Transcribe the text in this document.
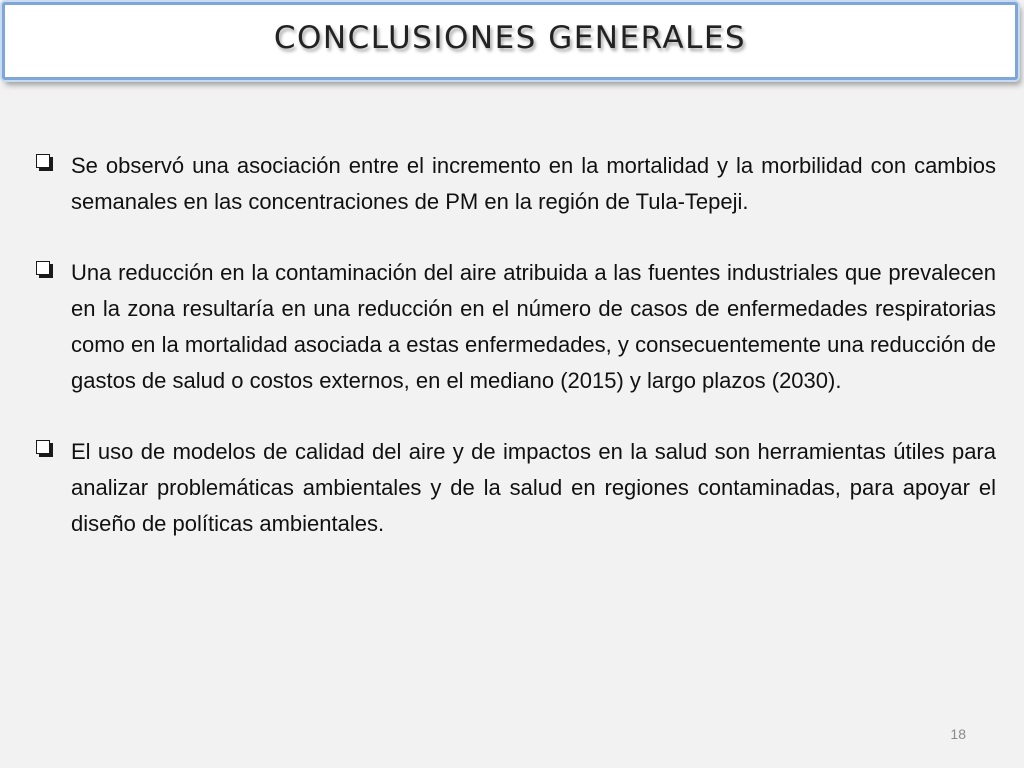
CONCLUSIONES GENERALES

Se observó una asociación entre el incremento en la mortalidad y la morbilidad con cambios semanales en las concentraciones de PM en la región de Tula-Tepeji.

Una reducción en la contaminación del aire atribuida a las fuentes industriales que prevalecen en la zona resultaría en una reducción en el número de casos de enfermedades respiratorias como en la mortalidad asociada a estas enfermedades, y consecuentemente una reducción de gastos de salud o costos externos, en el mediano (2015) y largo plazos (2030).

El uso de modelos de calidad del aire y de impactos en la salud son herramientas útiles para analizar problemáticas ambientales y de la salud en regiones contaminadas, para apoyar el diseño de políticas ambientales.

18
